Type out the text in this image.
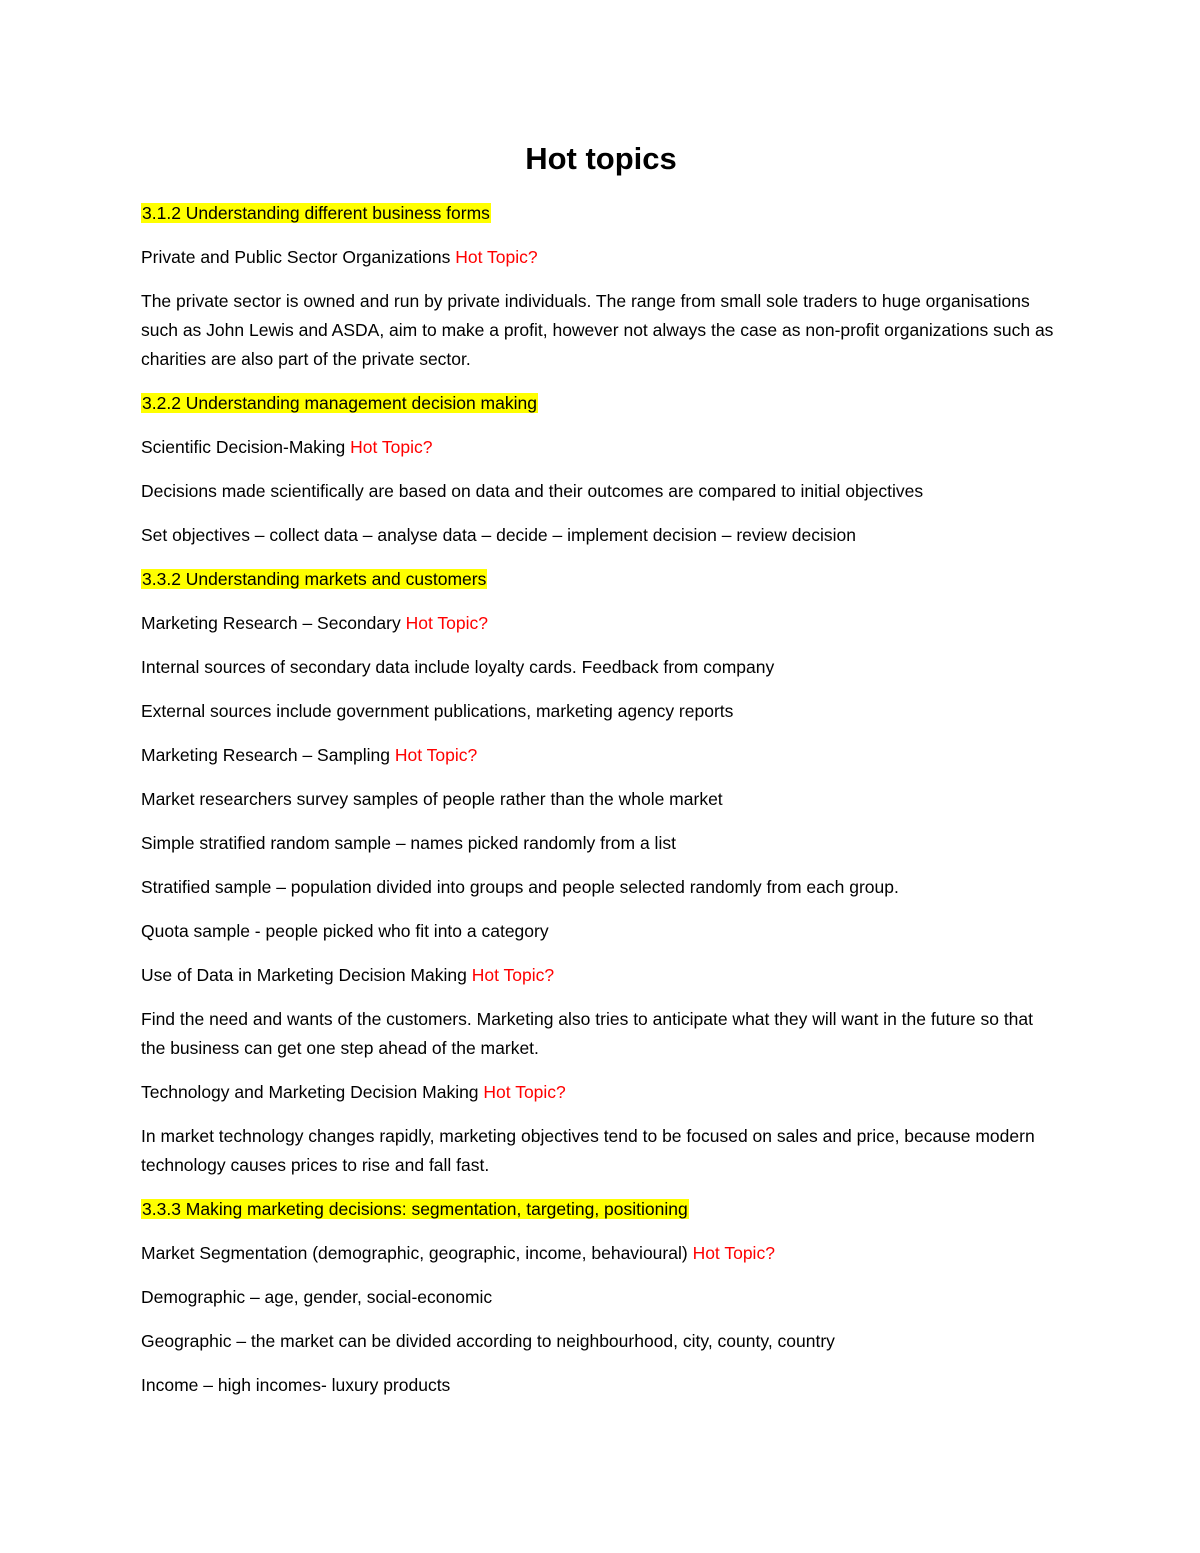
Hot topics

3.1.2 Understanding different business forms

Private and Public Sector Organizations Hot Topic?

The private sector is owned and run by private individuals. The range from small sole traders to huge organisations such as John Lewis and ASDA, aim to make a profit, however not always the case as non-profit organizations such as charities are also part of the private sector.

3.2.2 Understanding management decision making

Scientific Decision-Making Hot Topic?

Decisions made scientifically are based on data and their outcomes are compared to initial objectives

Set objectives – collect data – analyse data – decide – implement decision – review decision

3.3.2 Understanding markets and customers

Marketing Research – Secondary Hot Topic?

Internal sources of secondary data include loyalty cards. Feedback from company

External sources include government publications, marketing agency reports

Marketing Research – Sampling Hot Topic?

Market researchers survey samples of people rather than the whole market

Simple stratified random sample – names picked randomly from a list

Stratified sample – population divided into groups and people selected randomly from each group.

Quota sample - people picked who fit into a category

Use of Data in Marketing Decision Making Hot Topic?

Find the need and wants of the customers. Marketing also tries to anticipate what they will want in the future so that the business can get one step ahead of the market.

Technology and Marketing Decision Making Hot Topic?

In market technology changes rapidly, marketing objectives tend to be focused on sales and price, because modern technology causes prices to rise and fall fast.

3.3.3 Making marketing decisions: segmentation, targeting, positioning

Market Segmentation (demographic, geographic, income, behavioural) Hot Topic?

Demographic – age, gender, social-economic

Geographic – the market can be divided according to neighbourhood, city, county, country

Income – high incomes- luxury products
